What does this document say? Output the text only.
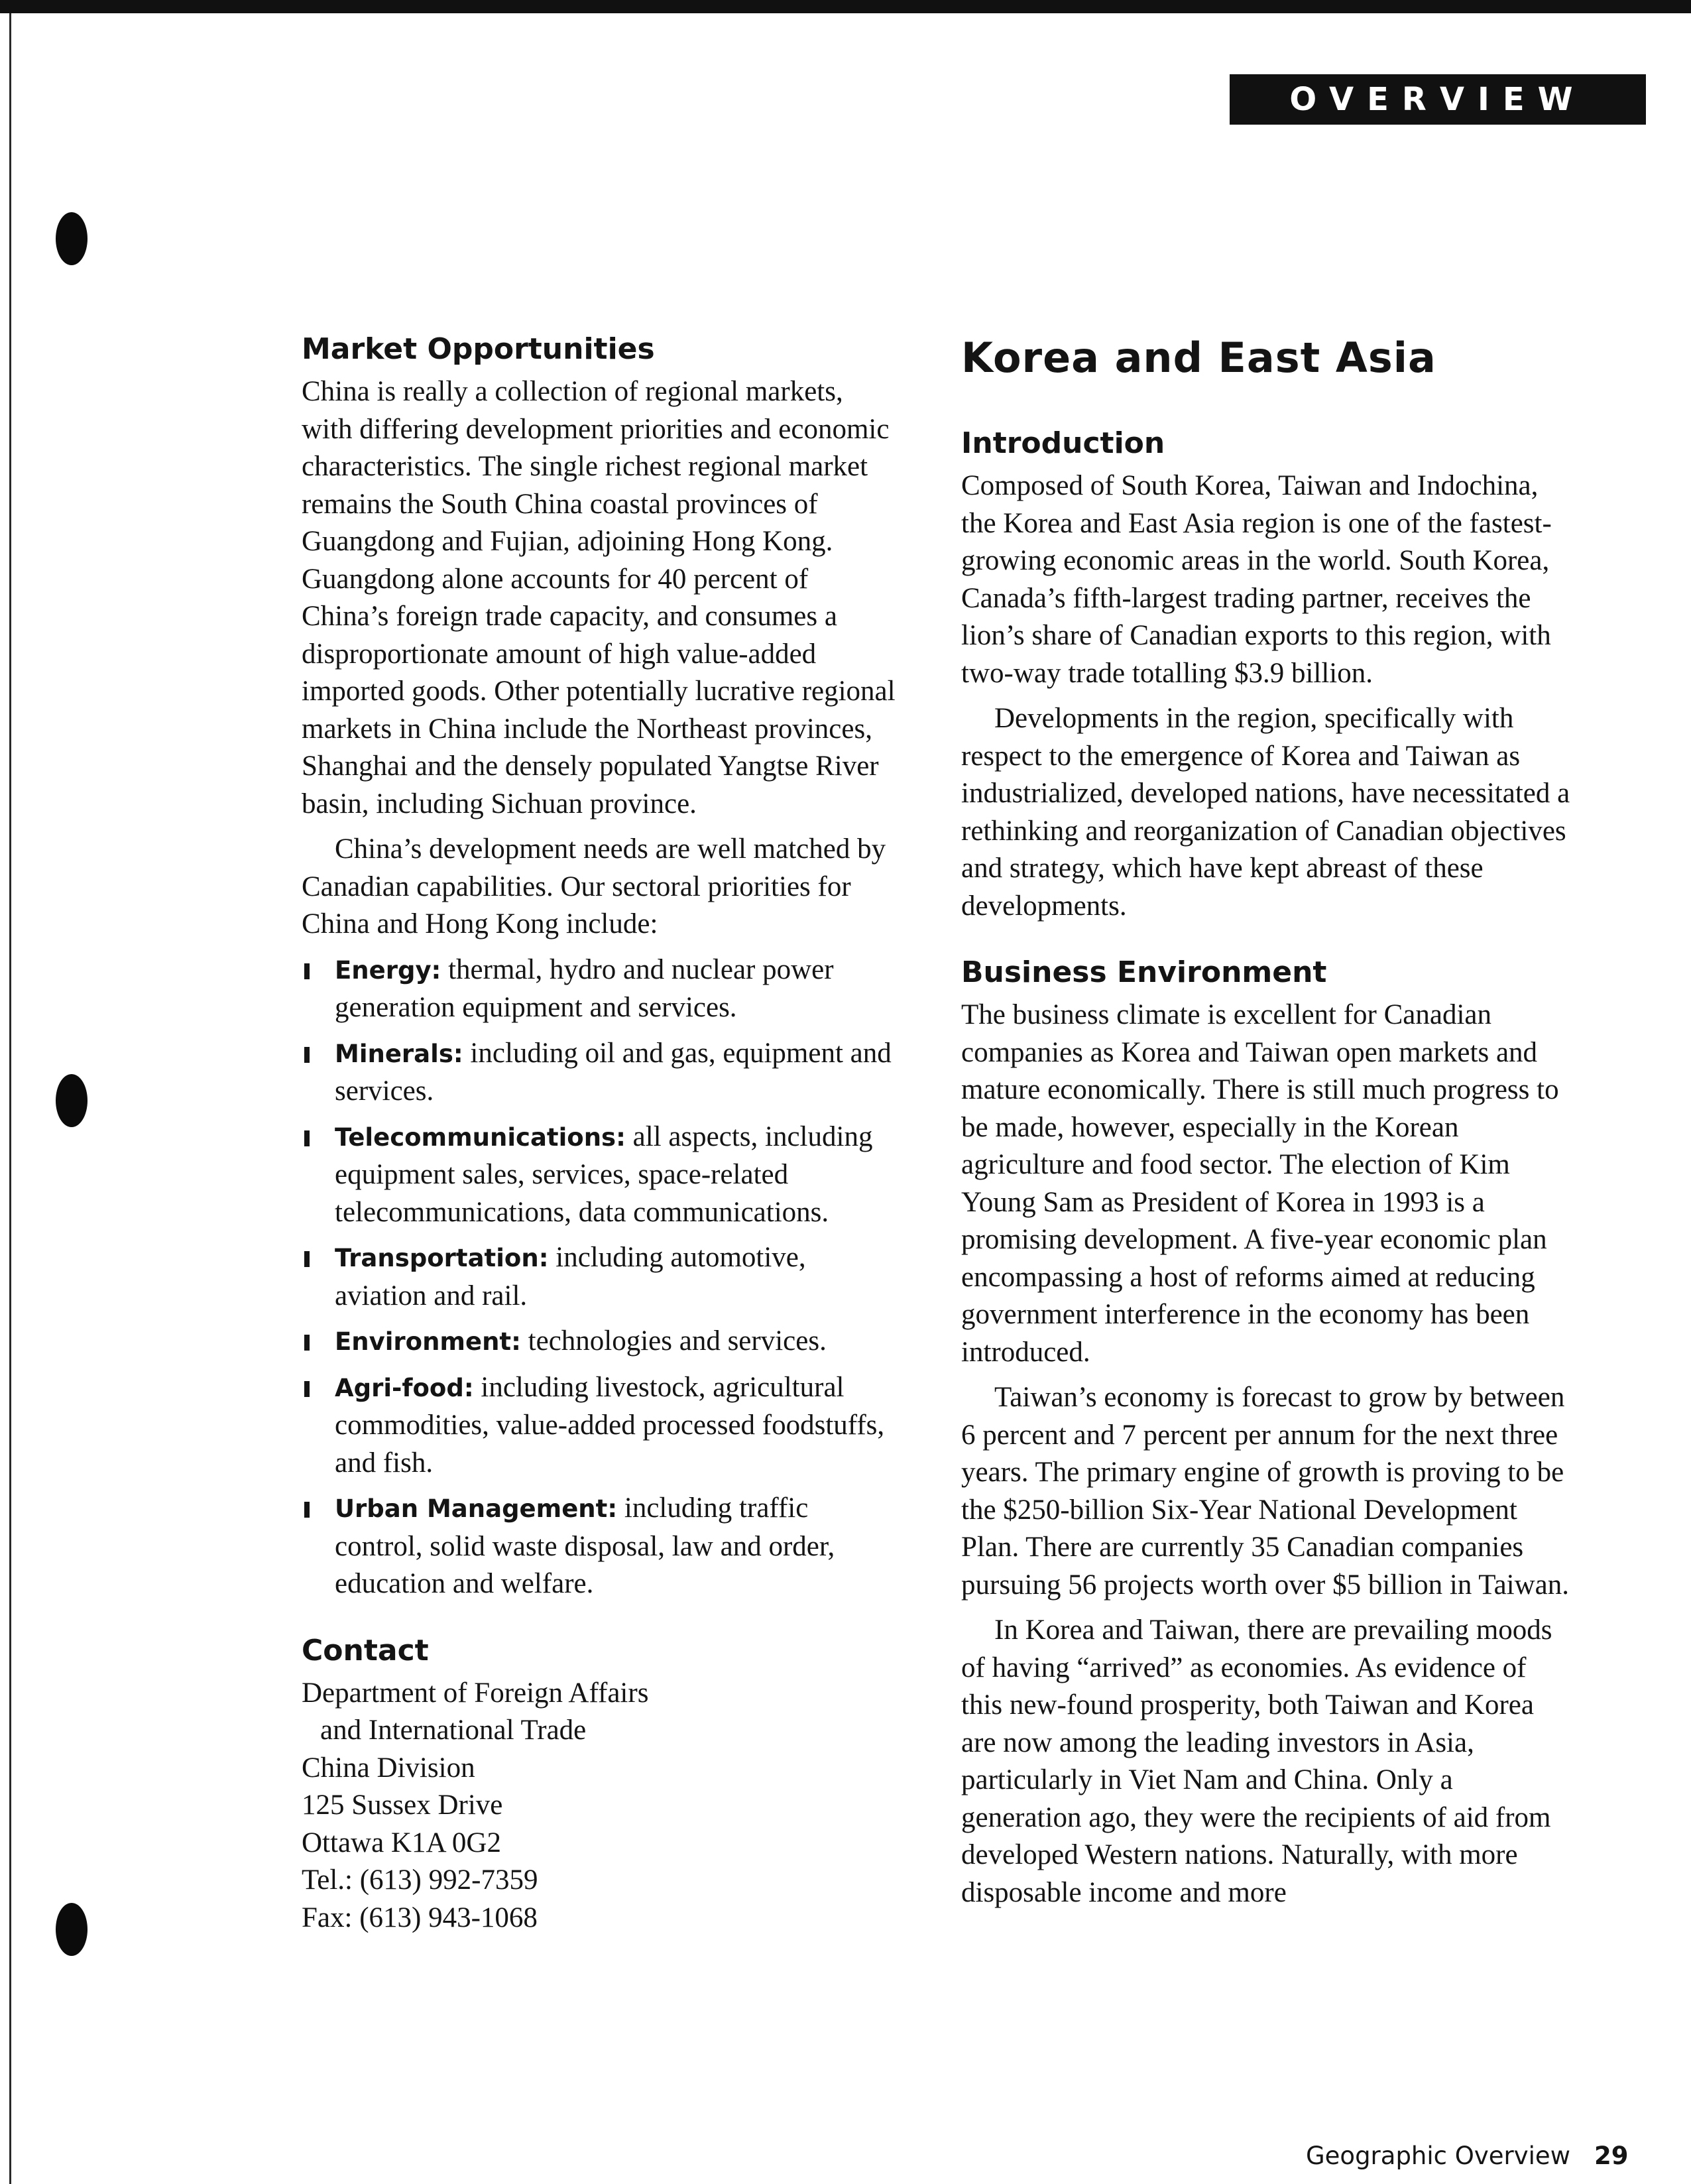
OVERVIEW
Market Opportunities

China is really a collection of regional markets, with differing development priorities and economic characteristics. The single richest regional market remains the South China coastal provinces of Guangdong and Fujian, adjoining Hong Kong. Guangdong alone accounts for 40 percent of China’s foreign trade capacity, and consumes a disproportionate amount of high value-added imported goods. Other potentially lucrative regional markets in China include the Northeast provinces, Shanghai and the densely populated Yangtse River basin, including Sichuan province.

China’s development needs are well matched by Canadian capabilities. Our sectoral priorities for China and Hong Kong include:

Energy: thermal, hydro and nuclear power generation equipment and services.
Minerals: including oil and gas, equipment and services.
Telecommunications: all aspects, including equipment sales, services, space-related telecommunications, data communications.
Transportation: including automotive, aviation and rail.
Environment: technologies and services.
Agri-food: including livestock, agricultural commodities, value-added processed foodstuffs, and fish.
Urban Management: including traffic control, solid waste disposal, law and order, education and welfare.
Contact

Department of Foreign Affairs

and International Trade

China Division

125 Sussex Drive

Ottawa K1A 0G2

Tel.: (613) 992-7359

Fax: (613) 943-1068

Korea and East Asia
Introduction

Composed of South Korea, Taiwan and Indochina, the Korea and East Asia region is one of the fastest-growing economic areas in the world. South Korea, Canada’s fifth-largest trading partner, receives the lion’s share of Canadian exports to this region, with two-way trade totalling $3.9 billion.

Developments in the region, specifically with respect to the emergence of Korea and Taiwan as industrialized, developed nations, have necessitated a rethinking and reorganization of Canadian objectives and strategy, which have kept abreast of these developments.

Business Environment

The business climate is excellent for Canadian companies as Korea and Taiwan open markets and mature economically. There is still much progress to be made, however, especially in the Korean agriculture and food sector. The election of Kim Young Sam as President of Korea in 1993 is a promising development. A five-year economic plan encompassing a host of reforms aimed at reducing government interference in the economy has been introduced.

Taiwan’s economy is forecast to grow by between 6 percent and 7 percent per annum for the next three years. The primary engine of growth is proving to be the $250-billion Six-Year National Development Plan. There are currently 35 Canadian companies pursuing 56 projects worth over $5 billion in Taiwan.

In Korea and Taiwan, there are prevailing moods of having “arrived” as economies. As evidence of this new-found prosperity, both Taiwan and Korea are now among the leading investors in Asia, particularly in Viet Nam and China. Only a generation ago, they were the recipients of aid from developed Western nations. Naturally, with more disposable income and more

Geographic Overview 29
